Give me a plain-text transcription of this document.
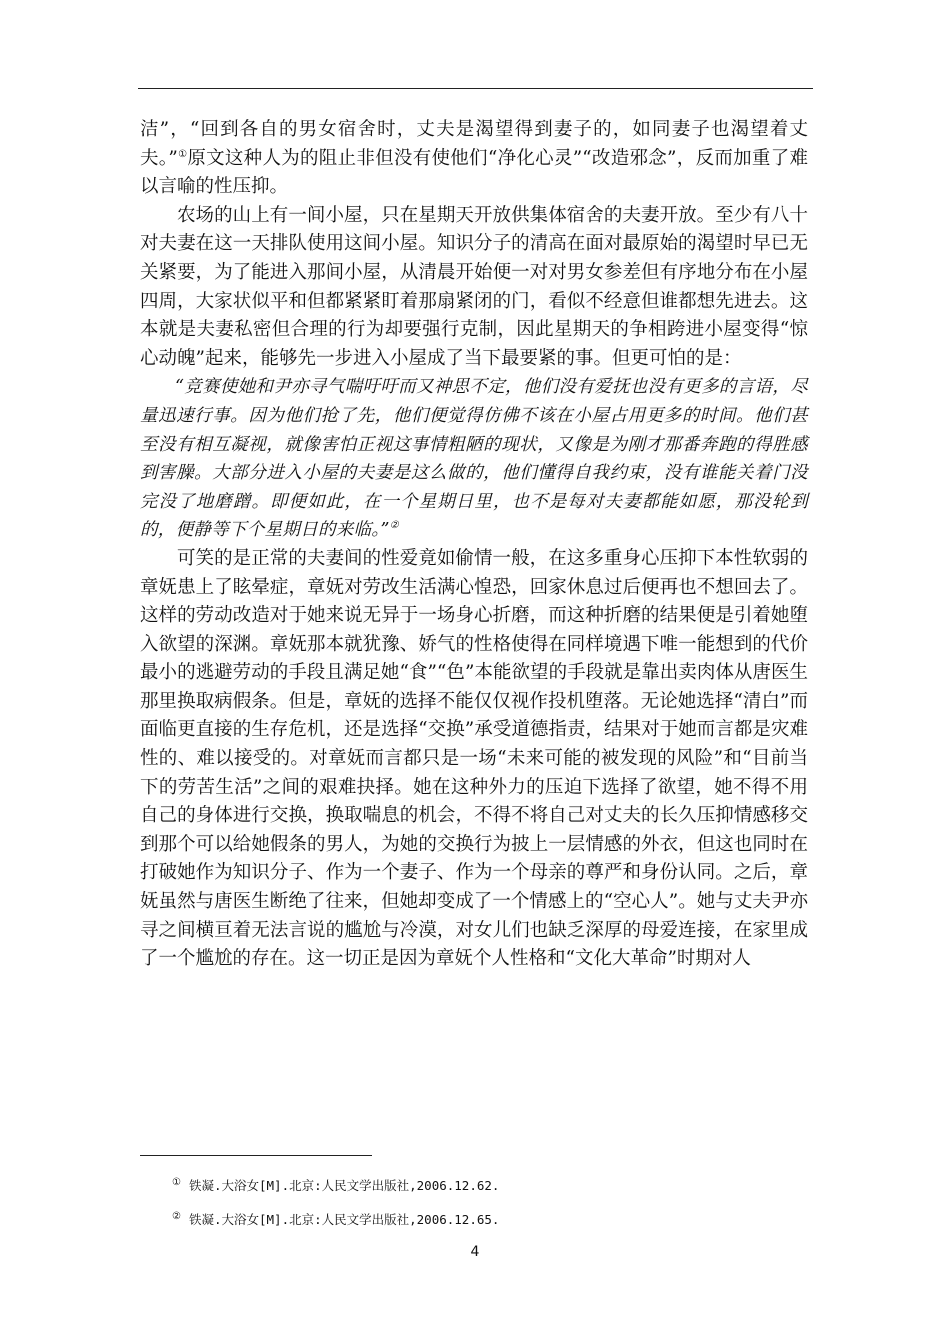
洁”，“回到各自的男女宿舍时，丈夫是渴望得到妻子的，如同妻子也渴望着丈夫。”①原文这种人为的阻止非但没有使他们“净化心灵”“改造邪念”，反而加重了难以言喻的性压抑。

农场的山上有一间小屋，只在星期天开放供集体宿舍的夫妻开放。至少有八十对夫妻在这一天排队使用这间小屋。知识分子的清高在面对最原始的渴望时早已无关紧要，为了能进入那间小屋，从清晨开始便一对对男女参差但有序地分布在小屋四周，大家状似平和但都紧紧盯着那扇紧闭的门，看似不经意但谁都想先进去。这本就是夫妻私密但合理的行为却要强行克制，因此星期天的争相跨进小屋变得“惊心动魄”起来，能够先一步进入小屋成了当下最要紧的事。但更可怕的是：

“竞赛使她和尹亦寻气喘吁吁而又神思不定，他们没有爱抚也没有更多的言语，尽量迅速行事。因为他们抢了先，他们便觉得仿佛不该在小屋占用更多的时间。他们甚至没有相互凝视，就像害怕正视这事情粗陋的现状，又像是为刚才那番奔跑的得胜感到害臊。大部分进入小屋的夫妻是这么做的，他们懂得自我约束，没有谁能关着门没完没了地磨蹭。即便如此，在一个星期日里，也不是每对夫妻都能如愿，那没轮到的，便静等下个星期日的来临。”②

可笑的是正常的夫妻间的性爱竟如偷情一般，在这多重身心压抑下本性软弱的章妩患上了眩晕症，章妩对劳改生活满心惶恐，回家休息过后便再也不想回去了。这样的劳动改造对于她来说无异于一场身心折磨，而这种折磨的结果便是引着她堕入欲望的深渊。章妩那本就犹豫、娇气的性格使得在同样境遇下唯一能想到的代价最小的逃避劳动的手段且满足她“食”“色”本能欲望的手段就是靠出卖肉体从唐医生那里换取病假条。但是，章妩的选择不能仅仅视作投机堕落。无论她选择“清白”而面临更直接的生存危机，还是选择“交换”承受道德指责，结果对于她而言都是灾难性的、难以接受的。对章妩而言都只是一场“未来可能的被发现的风险”和“目前当下的劳苦生活”之间的艰难抉择。她在这种外力的压迫下选择了欲望，她不得不用自己的身体进行交换，换取喘息的机会，不得不将自己对丈夫的长久压抑情感移交到那个可以给她假条的男人，为她的交换行为披上一层情感的外衣，但这也同时在打破她作为知识分子、作为一个妻子、作为一个母亲的尊严和身份认同。之后，章妩虽然与唐医生断绝了往来，但她却变成了一个情感上的“空心人”。她与丈夫尹亦寻之间横亘着无法言说的尴尬与冷漠，对女儿们也缺乏深厚的母爱连接，在家里成了一个尴尬的存在。这一切正是因为章妩个人性格和“文化大革命”时期对人

① 铁凝.大浴女[M].北京:人民文学出版社,2006.12.62.

② 铁凝.大浴女[M].北京:人民文学出版社,2006.12.65.

4
